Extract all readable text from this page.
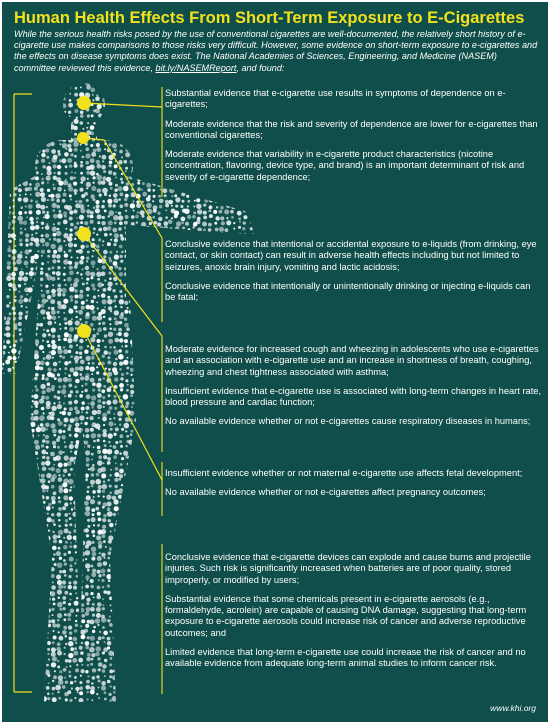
Human Health Effects From Short-Term Exposure to E-Cigarettes
While the serious health risks posed by the use of conventional cigarettes are well-documented, the relatively short history of e-cigarette use makes comparisons to those risks very difficult. However, some evidence on short-term exposure to e-cigarettes and the effects on disease symptoms does exist. The National Academies of Sciences, Engineering, and Medicine (NASEM) committee reviewed this evidence, bit.ly/NASEMReport, and found:

Substantial evidence that e-cigarette use results in symptoms of dependence on e-cigarettes;

Moderate evidence that the risk and severity of dependence are lower for e-cigarettes than conventional cigarettes;

Moderate evidence that variability in e-cigarette product characteristics (nicotine concentration, flavoring, device type, and brand) is an important determinant of risk and severity of e-cigarette dependence;

Conclusive evidence that intentional or accidental exposure to e-liquids (from drinking, eye contact, or skin contact) can result in adverse health effects including but not limited to seizures, anoxic brain injury, vomiting and lactic acidosis;

Conclusive evidence that intentionally or unintentionally drinking or injecting e-liquids can be fatal;

Moderate evidence for increased cough and wheezing in adolescents who use e-cigarettes and an association with e-cigarette use and an increase in shortness of breath, coughing, wheezing and chest tightness associated with asthma;

Insufficient evidence that e-cigarette use is associated with long-term changes in heart rate, blood pressure and cardiac function;

No available evidence whether or not e-cigarettes cause respiratory diseases in humans;

Insufficient evidence whether or not maternal e-cigarette use affects fetal development;

No available evidence whether or not e-cigarettes affect pregnancy outcomes;

Conclusive evidence that e-cigarette devices can explode and cause burns and projectile injuries. Such risk is significantly increased when batteries are of poor quality, stored improperly, or modified by users;

Substantial evidence that some chemicals present in e-cigarette aerosols (e.g., formaldehyde, acrolein) are capable of causing DNA damage, suggesting that long-term exposure to e-cigarette aerosols could increase risk of cancer and adverse reproductive outcomes; and

Limited evidence that long-term e-cigarette use could increase the risk of cancer and no available evidence from adequate long-term animal studies to inform cancer risk.

www.khi.org
